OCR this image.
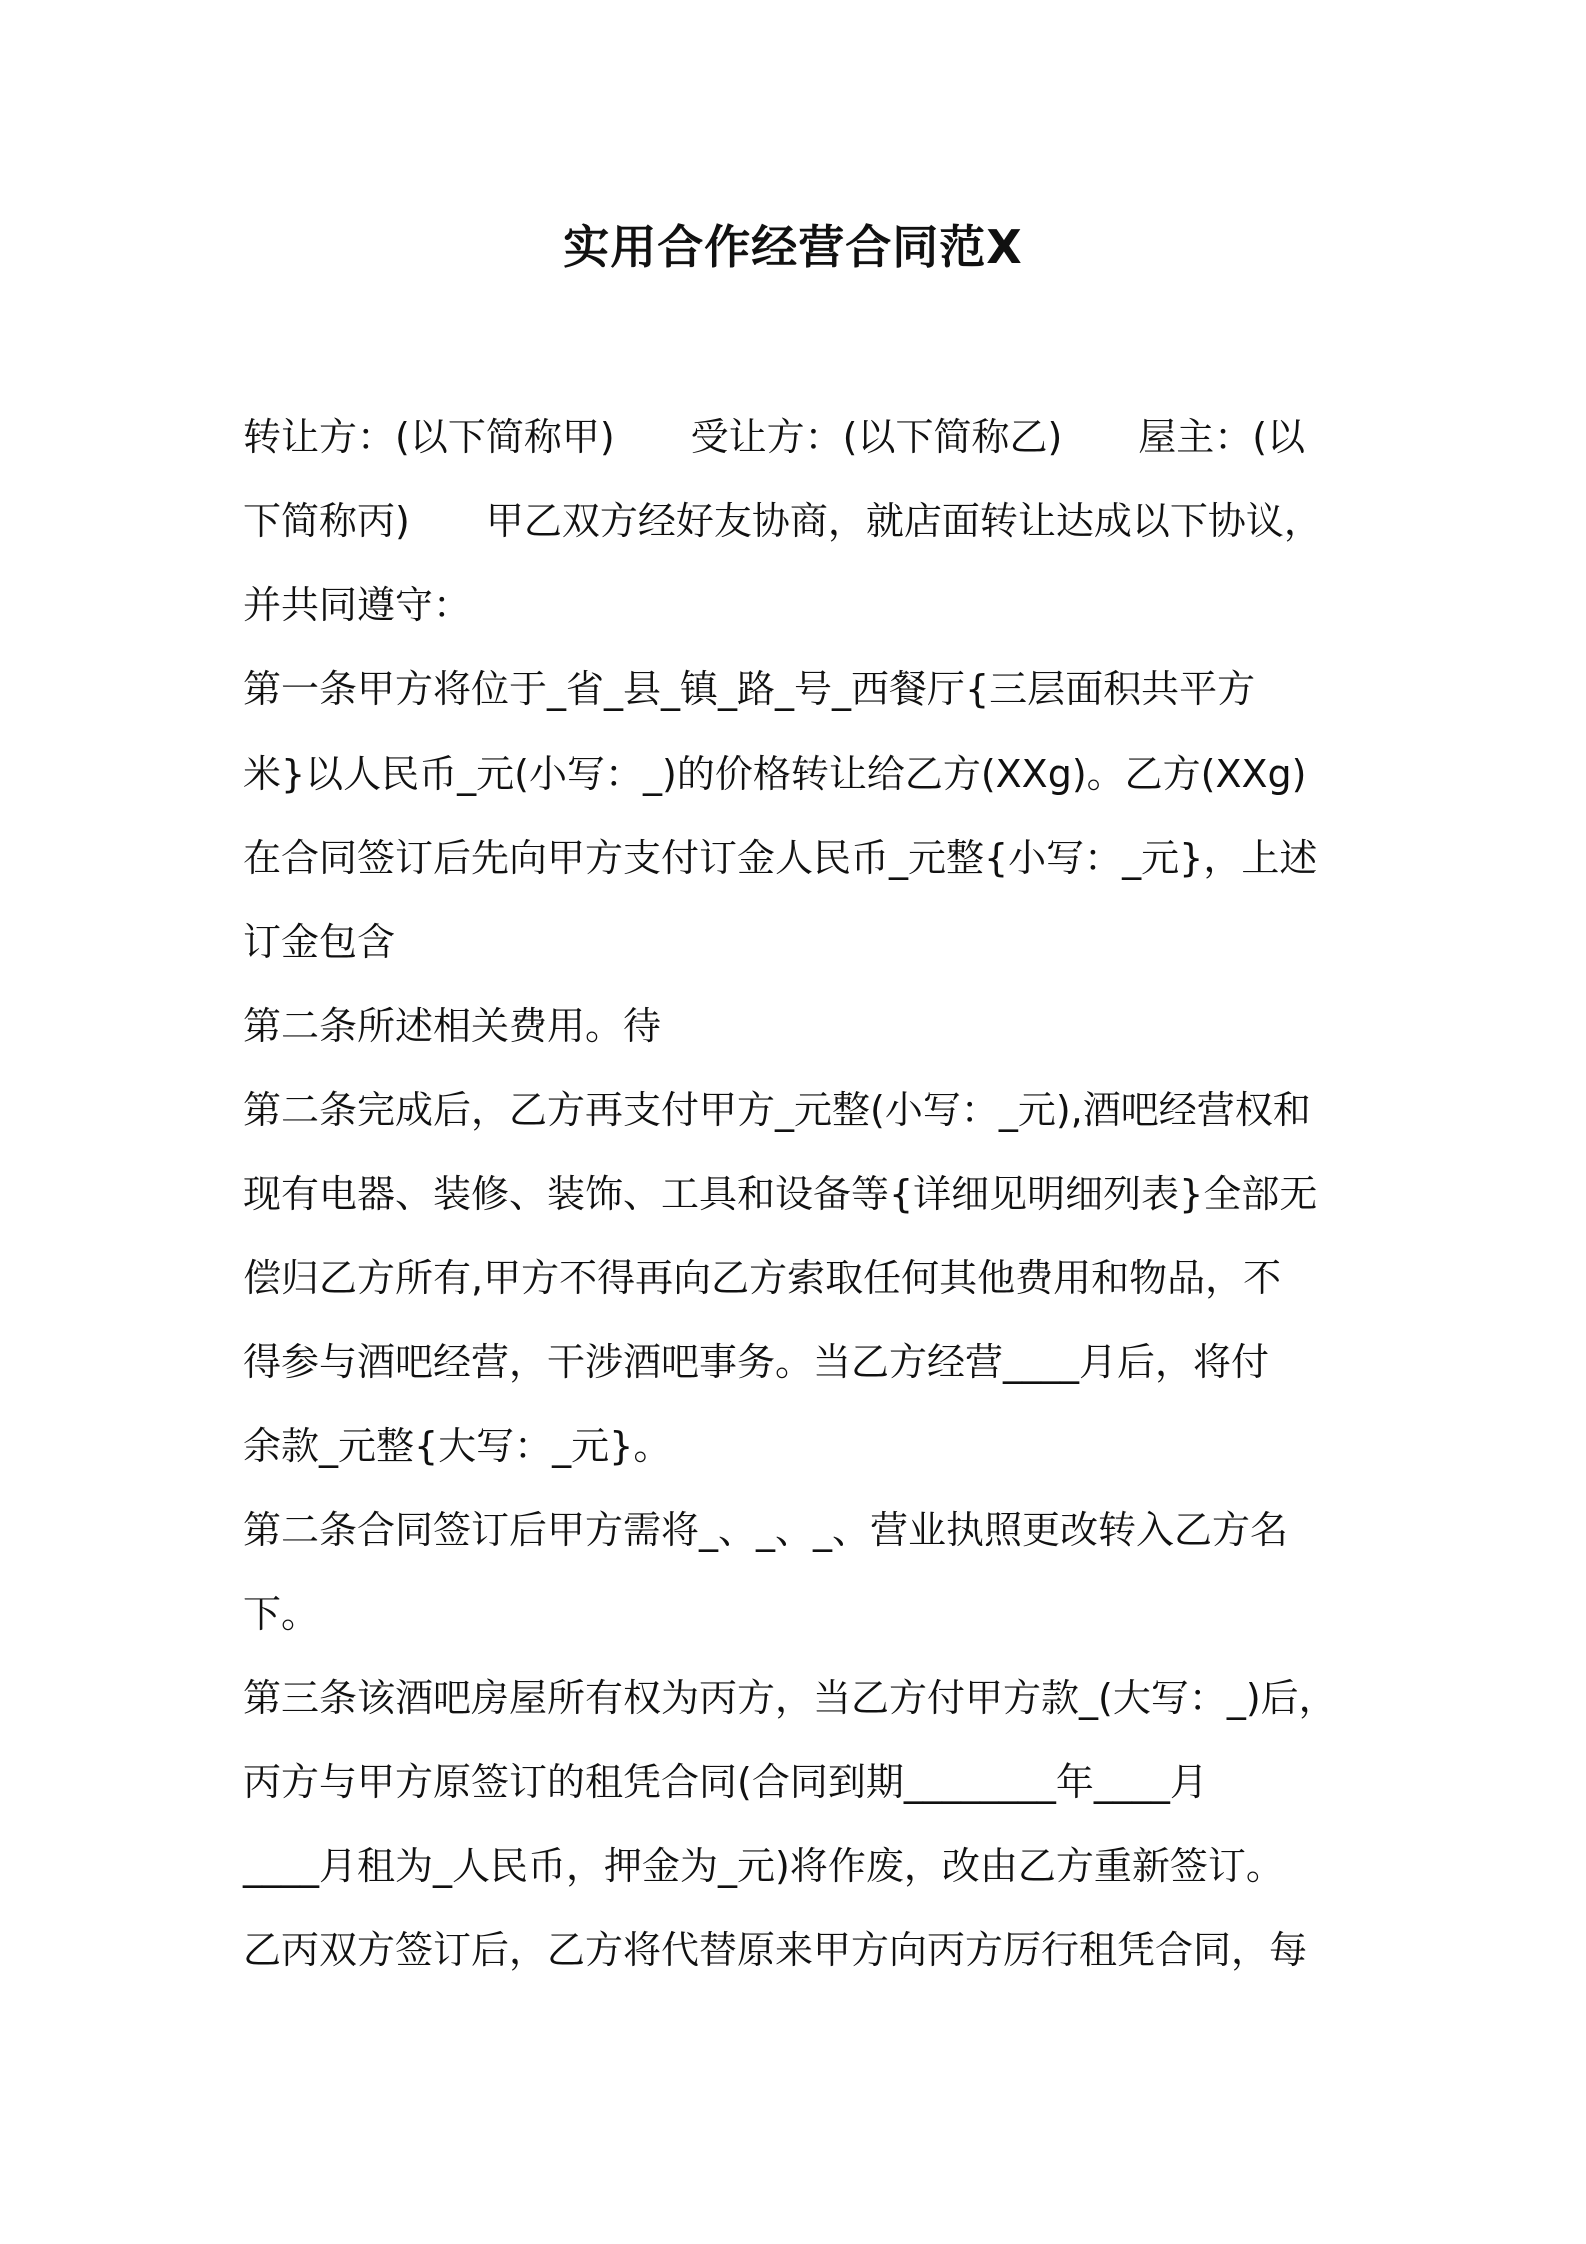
实用合作经营合同范X
转让方：(以下简称甲)　　受让方：(以下简称乙)　　屋主：(以
下简称丙)　　甲乙双方经好友协商，就店面转让达成以下协议，
并共同遵守：
第一条甲方将位于_省_县_镇_路_号_西餐厅{三层面积共平方
米}以人民币_元(小写：_)的价格转让给乙方(XXg)。乙方(XXg)
在合同签订后先向甲方支付订金人民币_元整{小写：_元}，上述
订金包含
第二条所述相关费用。待
第二条完成后，乙方再支付甲方_元整(小写：_元),酒吧经营权和
现有电器、装修、装饰、工具和设备等{详细见明细列表}全部无
偿归乙方所有,甲方不得再向乙方索取任何其他费用和物品，不
得参与酒吧经营，干涉酒吧事务。当乙方经营____月后，将付
余款_元整{大写：_元}。
第二条合同签订后甲方需将_、_、_、营业执照更改转入乙方名
下。
第三条该酒吧房屋所有权为丙方，当乙方付甲方款_(大写：_)后，
丙方与甲方原签订的租凭合同(合同到期________年____月
____月租为_人民币，押金为_元)将作废，改由乙方重新签订。
乙丙双方签订后，乙方将代替原来甲方向丙方厉行租凭合同，每
